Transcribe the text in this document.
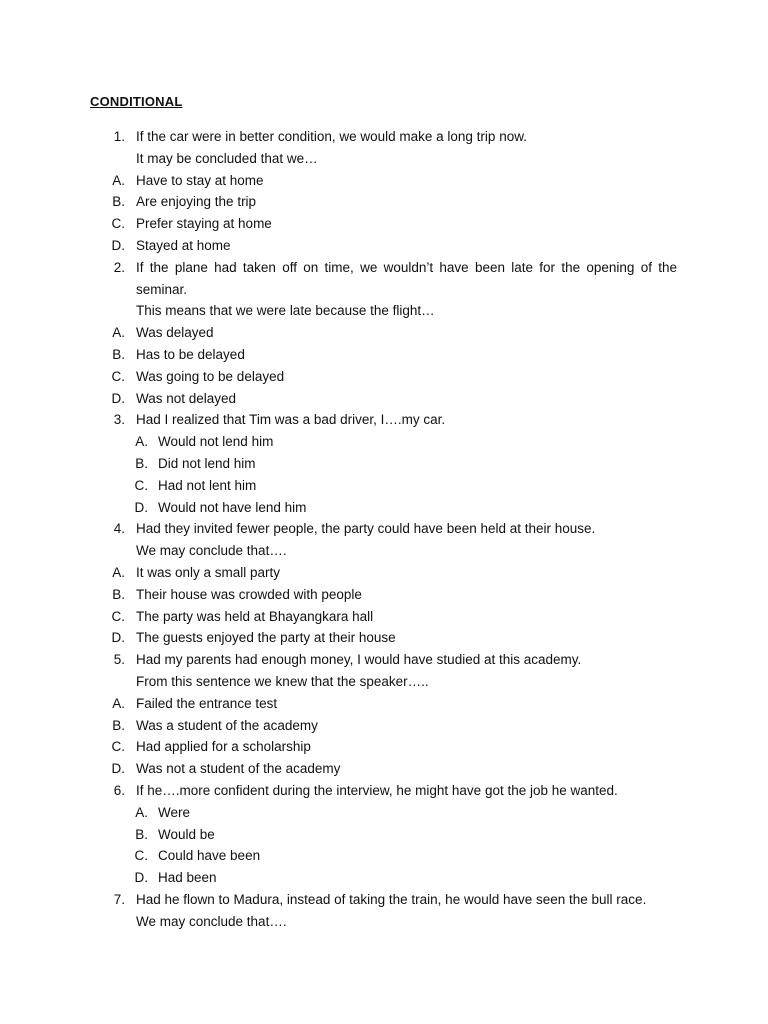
CONDITIONAL
1. If the car were in better condition, we would make a long trip now.
It may be concluded that we…
A. Have to stay at home
B. Are enjoying the trip
C. Prefer staying at home
D. Stayed at home
2. If the plane had taken off on time, we wouldn’t have been late for the opening of the
seminar.
This means that we were late because the flight…
A. Was delayed
B. Has to be delayed
C. Was going to be delayed
D. Was not delayed
3. Had I realized that Tim was a bad driver, I….my car.
A. Would not lend him
B. Did not lend him
C. Had not lent him
D. Would not have lend him
4. Had they invited fewer people, the party could have been held at their house.
We may conclude that….
A. It was only a small party
B. Their house was crowded with people
C. The party was held at Bhayangkara hall
D. The guests enjoyed the party at their house
5. Had my parents had enough money, I would have studied at this academy.
From this sentence we knew that the speaker…..
A. Failed the entrance test
B. Was a student of the academy
C. Had applied for a scholarship
D. Was not a student of the academy
6. If he….more confident during the interview, he might have got the job he wanted.
A. Were
B. Would be
C. Could have been
D. Had been
7. Had he flown to Madura, instead of taking the train, he would have seen the bull race.
We may conclude that….
